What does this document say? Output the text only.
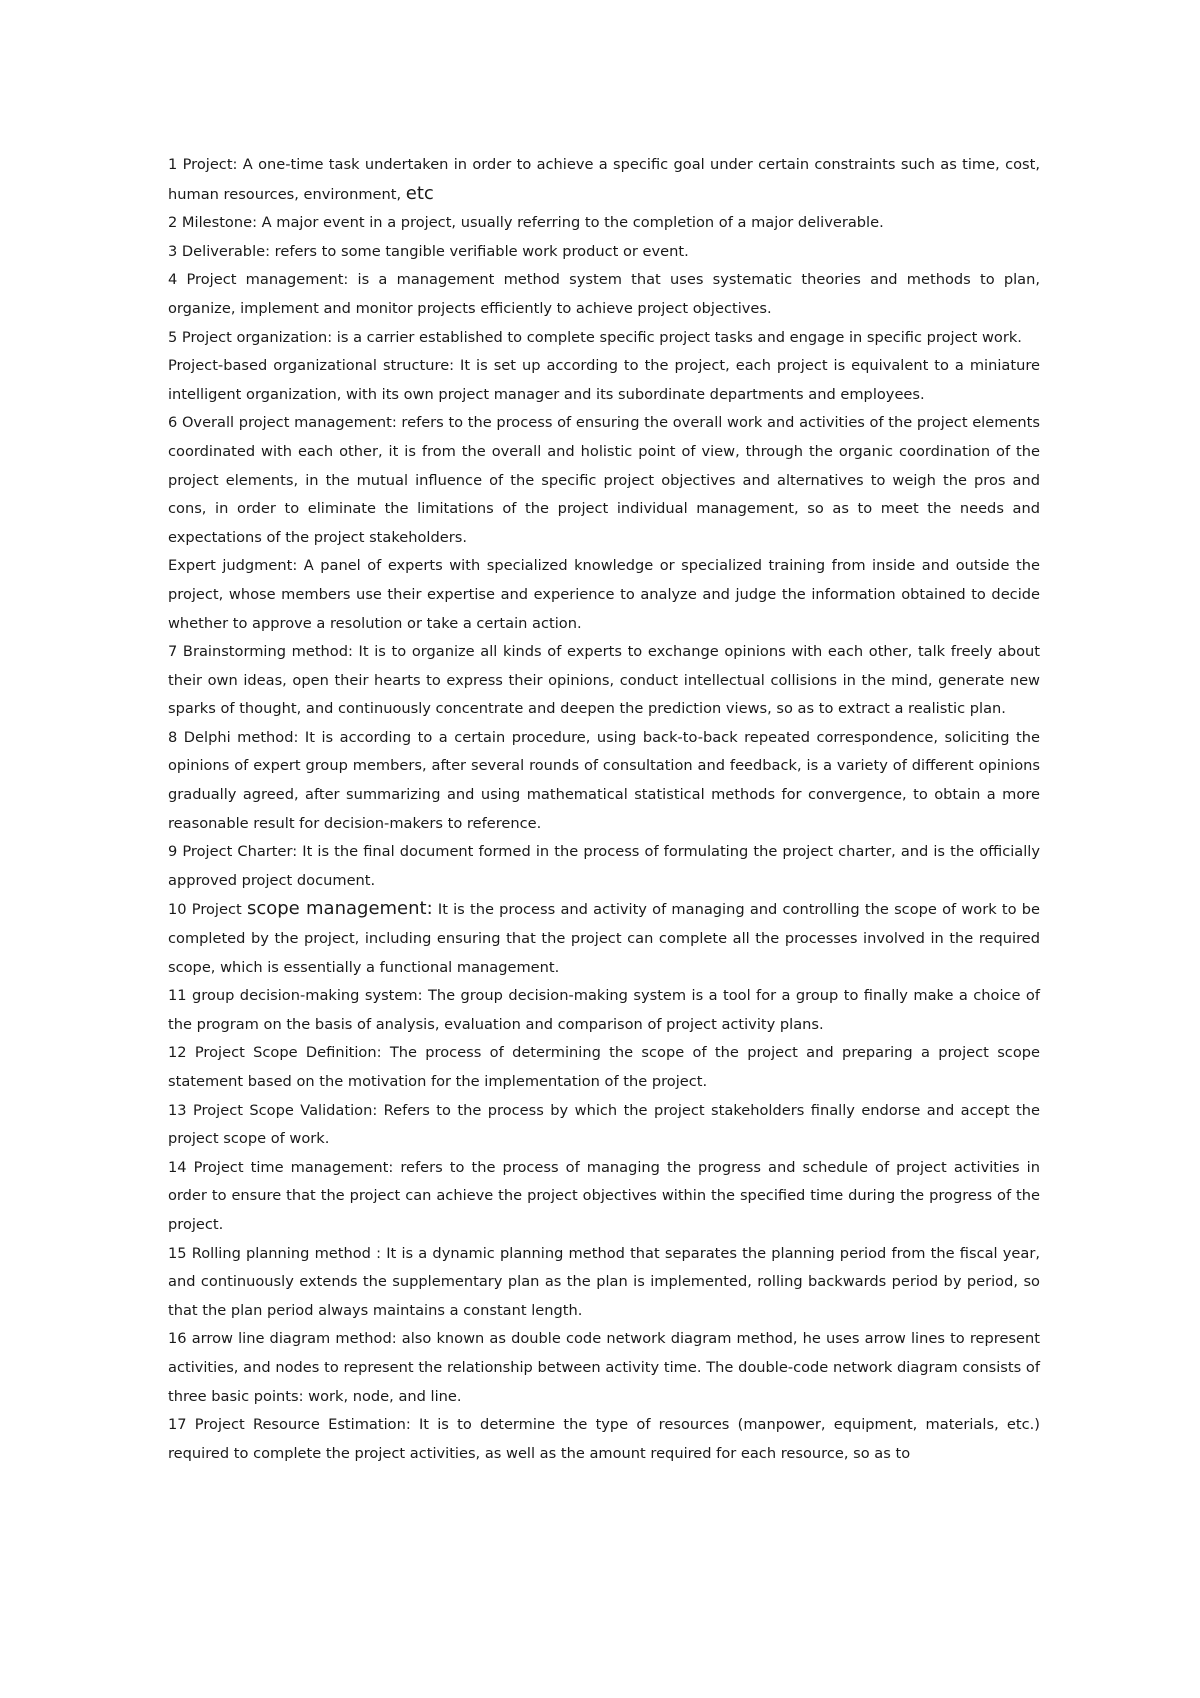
1 Project: A one-time task undertaken in order to achieve a specific goal under certain constraints such as time, cost, human resources, environment, etc

2 Milestone: A major event in a project, usually referring to the completion of a major deliverable.

3 Deliverable: refers to some tangible verifiable work product or event.

4 Project management: is a management method system that uses systematic theories and methods to plan, organize, implement and monitor projects efficiently to achieve project objectives.

5 Project organization: is a carrier established to complete specific project tasks and engage in specific project work.

Project-based organizational structure: It is set up according to the project, each project is equivalent to a miniature intelligent organization, with its own project manager and its subordinate departments and employees.

6 Overall project management: refers to the process of ensuring the overall work and activities of the project elements coordinated with each other, it is from the overall and holistic point of view, through the organic coordination of the project elements, in the mutual influence of the specific project objectives and alternatives to weigh the pros and cons, in order to eliminate the limitations of the project individual management, so as to meet the needs and expectations of the project stakeholders.

Expert judgment: A panel of experts with specialized knowledge or specialized training from inside and outside the project, whose members use their expertise and experience to analyze and judge the information obtained to decide whether to approve a resolution or take a certain action.

7 Brainstorming method: It is to organize all kinds of experts to exchange opinions with each other, talk freely about their own ideas, open their hearts to express their opinions, conduct intellectual collisions in the mind, generate new sparks of thought, and continuously concentrate and deepen the prediction views, so as to extract a realistic plan.

8 Delphi method: It is according to a certain procedure, using back-to-back repeated correspondence, soliciting the opinions of expert group members, after several rounds of consultation and feedback, is a variety of different opinions gradually agreed, after summarizing and using mathematical statistical methods for convergence, to obtain a more reasonable result for decision-makers to reference.

9 Project Charter: It is the final document formed in the process of formulating the project charter, and is the officially approved project document.

10 Project scope management: It is the process and activity of managing and controlling the scope of work to be completed by the project, including ensuring that the project can complete all the processes involved in the required scope, which is essentially a functional management.

11 group decision-making system: The group decision-making system is a tool for a group to finally make a choice of the program on the basis of analysis, evaluation and comparison of project activity plans.

12 Project Scope Definition: The process of determining the scope of the project and preparing a project scope statement based on the motivation for the implementation of the project.

13 Project Scope Validation: Refers to the process by which the project stakeholders finally endorse and accept the project scope of work.

14 Project time management: refers to the process of managing the progress and schedule of project activities in order to ensure that the project can achieve the project objectives within the specified time during the progress of the project.

15 Rolling planning method : It is a dynamic planning method that separates the planning period from the fiscal year, and continuously extends the supplementary plan as the plan is implemented, rolling backwards period by period, so that the plan period always maintains a constant length.

16 arrow line diagram method: also known as double code network diagram method, he uses arrow lines to represent activities, and nodes to represent the relationship between activity time. The double-code network diagram consists of three basic points: work, node, and line.

17 Project Resource Estimation: It is to determine the type of resources (manpower, equipment, materials, etc.) required to complete the project activities, as well as the amount required for each resource, so as to
